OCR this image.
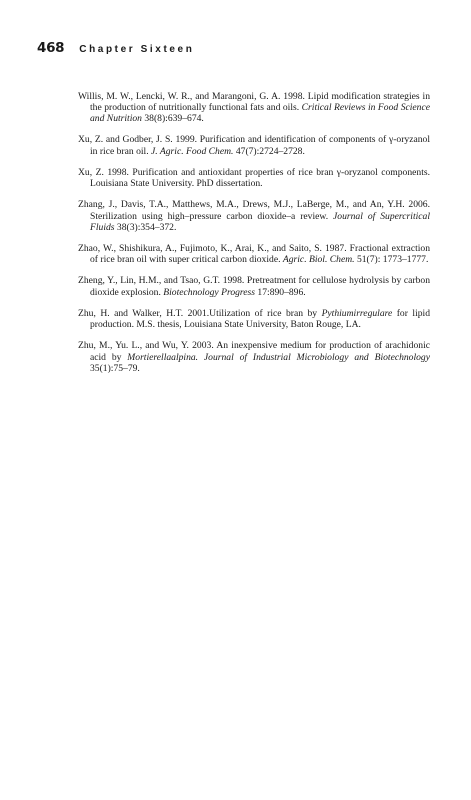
468 Chapter Sixteen

Willis, M. W., Lencki, W. R., and Marangoni, G. A. 1998. Lipid modification strategies in the production of nutritionally functional fats and oils. Critical Reviews in Food Science and Nutrition 38(8):639–674.

Xu, Z. and Godber, J. S. 1999. Purification and identification of components of γ-oryzanol in rice bran oil. J. Agric. Food Chem. 47(7):2724–2728.

Xu, Z. 1998. Purification and antioxidant properties of rice bran γ-oryzanol components. Louisiana State University. PhD dissertation.

Zhang, J., Davis, T.A., Matthews, M.A., Drews, M.J., LaBerge, M., and An, Y.H. 2006. Sterilization using high–pressure carbon dioxide–a review. Journal of Supercritical Fluids 38(3):354–372.

Zhao, W., Shishikura, A., Fujimoto, K., Arai, K., and Saito, S. 1987. Fractional extraction of rice bran oil with super critical carbon dioxide. Agric. Biol. Chem. 51(7): 1773–1777.

Zheng, Y., Lin, H.M., and Tsao, G.T. 1998. Pretreatment for cellulose hydrolysis by carbon dioxide explosion. Biotechnology Progress 17:890–896.

Zhu, H. and Walker, H.T. 2001.Utilization of rice bran by Pythiumirregulare for lipid production. M.S. thesis, Louisiana State University, Baton Rouge, LA.

Zhu, M., Yu. L., and Wu, Y. 2003. An inexpensive medium for production of arachidonic acid by Mortierellaalpina. Journal of Industrial Microbiology and Biotechnology 35(1):75–79.
